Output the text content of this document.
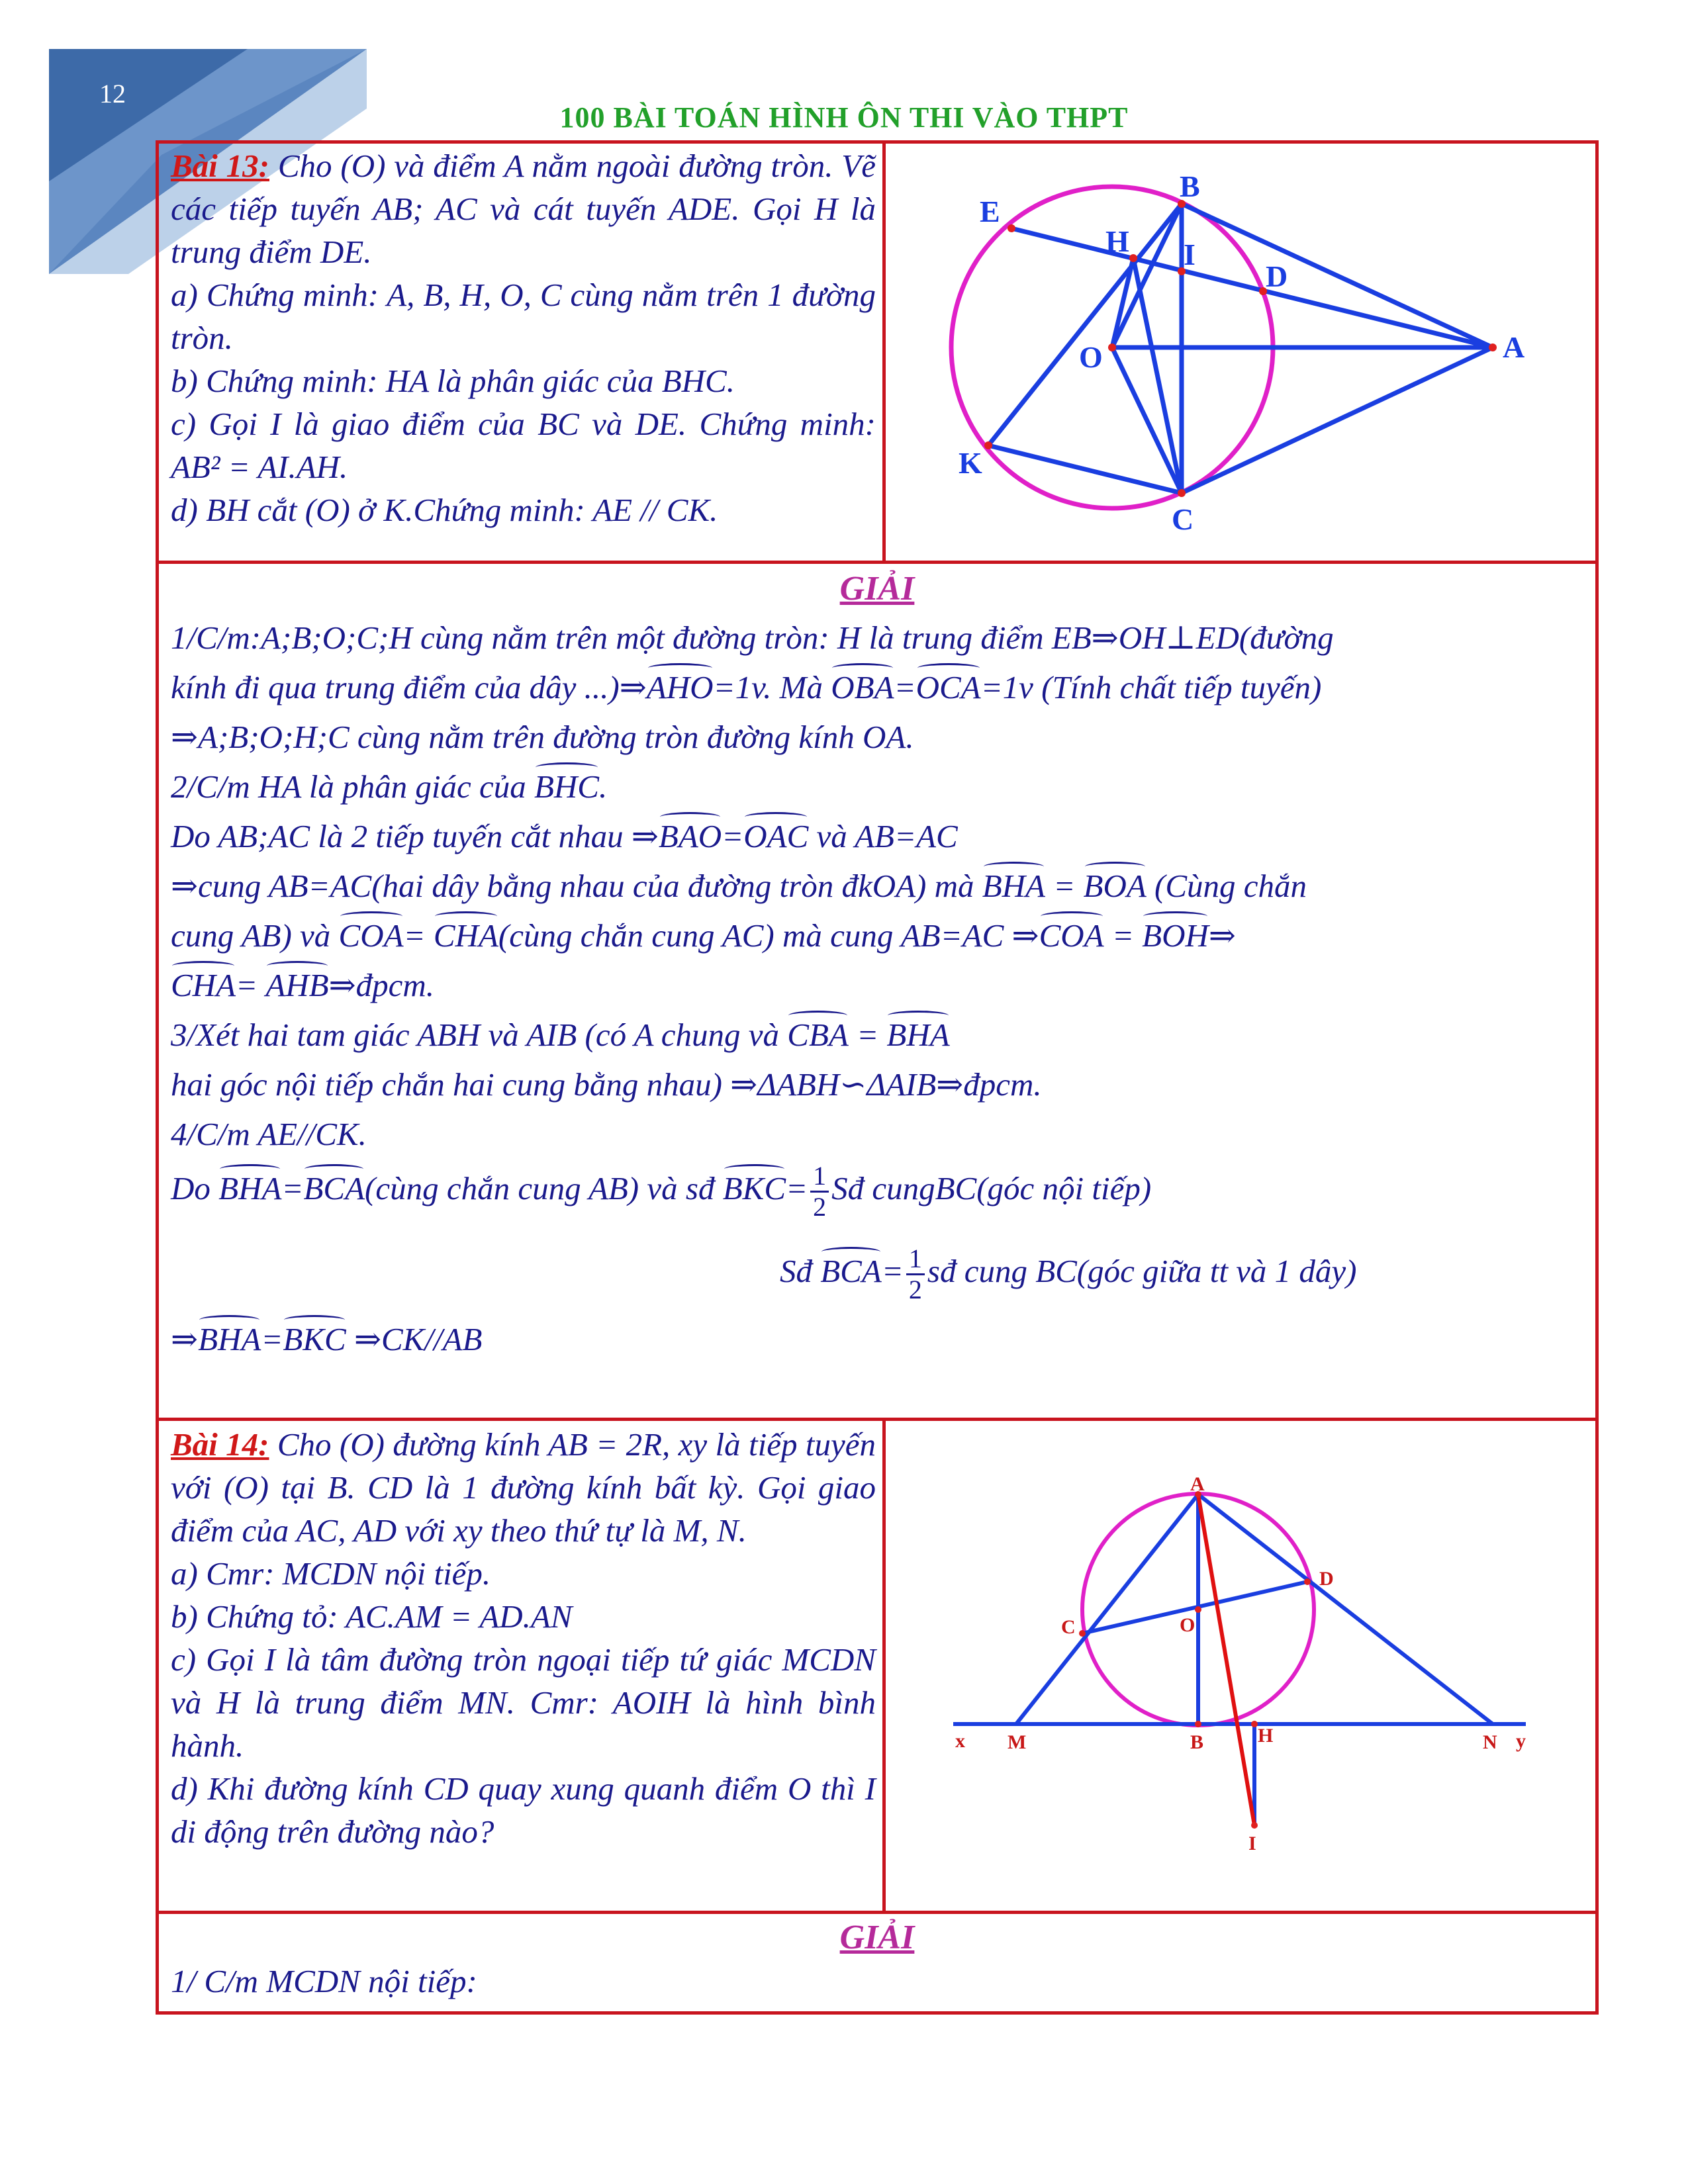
12
100 BÀI TOÁN HÌNH ÔN THI VÀO THPT

Bài 13: Cho (O) và điểm A nằm ngoài đường tròn. Vẽ các tiếp tuyến AB; AC và cát tuyến ADE. Gọi H là trung điểm DE.

a) Chứng minh: A, B, H, O, C cùng nằm trên 1 đường tròn.

b) Chứng minh: HA là phân giác của BHC.

c) Gọi I là giao điểm của BC và DE. Chứng minh: AB² = AI.AH.

d) BH cắt (O) ở K.Chứng minh: AE // CK.

B
E
H I
D
A
O
K
C
GIẢI
1/C/m:A;B;O;C;H cùng nằm trên một đường tròn: H là trung điểm EB⇒OH⊥ED(đường
kính đi qua trung điểm của dây ...)⇒AHO=1v. Mà OBA=OCA=1v (Tính chất tiếp tuyến)
⇒A;B;O;H;C cùng nằm trên đường tròn đường kính OA.
2/C/m HA là phân giác của BHC.
Do AB;AC là 2 tiếp tuyến cắt nhau ⇒BAO=OAC và AB=AC
⇒cung AB=AC(hai dây bằng nhau của đường tròn đkOA) mà BHA = BOA (Cùng chắn
cung AB) và COA= CHA(cùng chắn cung AC) mà cung AB=AC ⇒COA = BOH⇒
CHA= AHB⇒đpcm.
3/Xét hai tam giác ABH và AIB (có A chung và CBA = BHA
hai góc nội tiếp chắn hai cung bằng nhau) ⇒ΔABH∽ΔAIB⇒đpcm.
4/C/m AE//CK.
Do BHA=BCA(cùng chắn cung AB) và sđ $BKC= \frac{1}{2}$ Sđ cungBC(góc nội tiếp)
Sđ $BCA= \frac{1}{2}$ sđ cung BC(góc giữa tt và 1 dây)
⇒BHA=BKC ⇒CK//AB

Bài 14: Cho (O) đường kính AB = 2R, xy là tiếp tuyến với (O) tại B. CD là 1 đường kính bất kỳ. Gọi giao điểm của AC, AD với xy theo thứ tự là M, N.

a) Cmr: MCDN nội tiếp.

b) Chứng tỏ: AC.AM = AD.AN

c) Gọi I là tâm đường tròn ngoại tiếp tứ giác MCDN và H là trung điểm MN. Cmr: AOIH là hình bình hành.

d) Khi đường kính CD quay xung quanh điểm O thì I di động trên đường nào?

A
D
C	O
x M	B	H	N y
I
GIẢI
1/ C/m MCDN nội tiếp:
